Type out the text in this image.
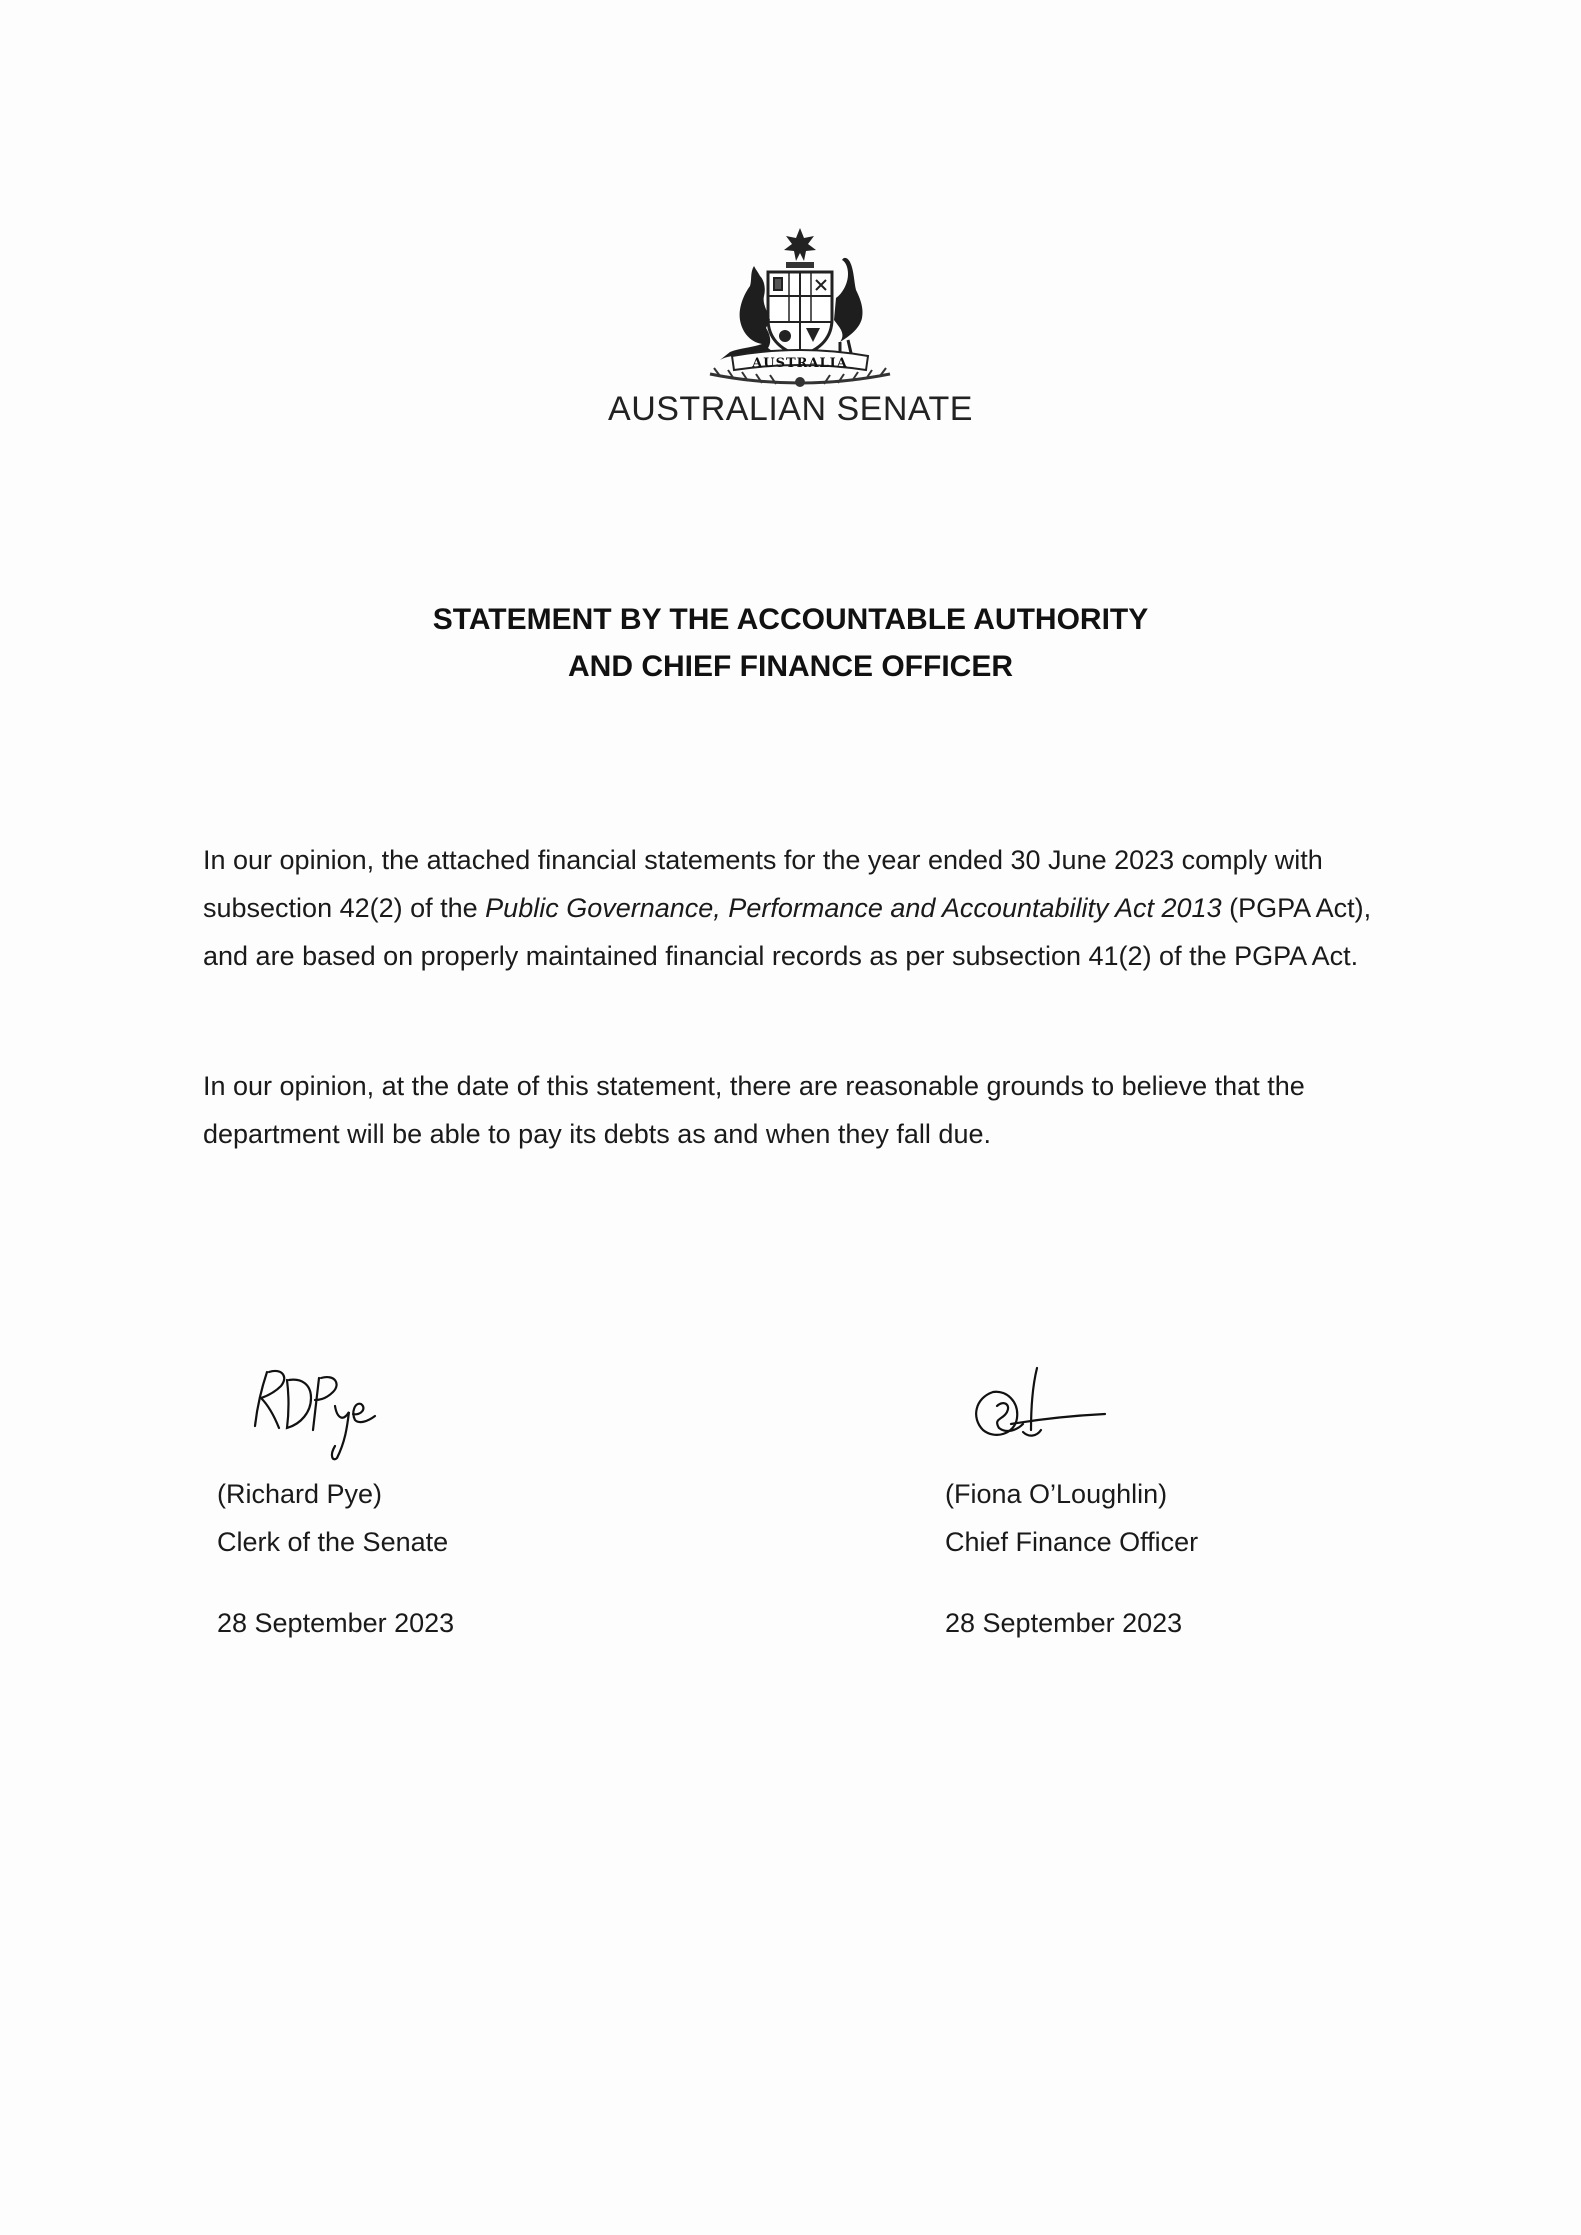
AUSTRALIA
AUSTRALIAN SENATE
STATEMENT BY THE ACCOUNTABLE AUTHORITY
AND CHIEF FINANCE OFFICER
In our opinion, the attached financial statements for the year ended 30 June 2023 comply with subsection 42(2) of the Public Governance, Performance and Accountability Act 2013 (PGPA Act), and are based on properly maintained financial records as per subsection 41(2) of the PGPA Act.
In our opinion, at the date of this statement, there are reasonable grounds to believe that the department will be able to pay its debts as and when they fall due.
(Richard Pye)
Clerk of the Senate
28 September 2023
(Fiona O’Loughlin)
Chief Finance Officer
28 September 2023
